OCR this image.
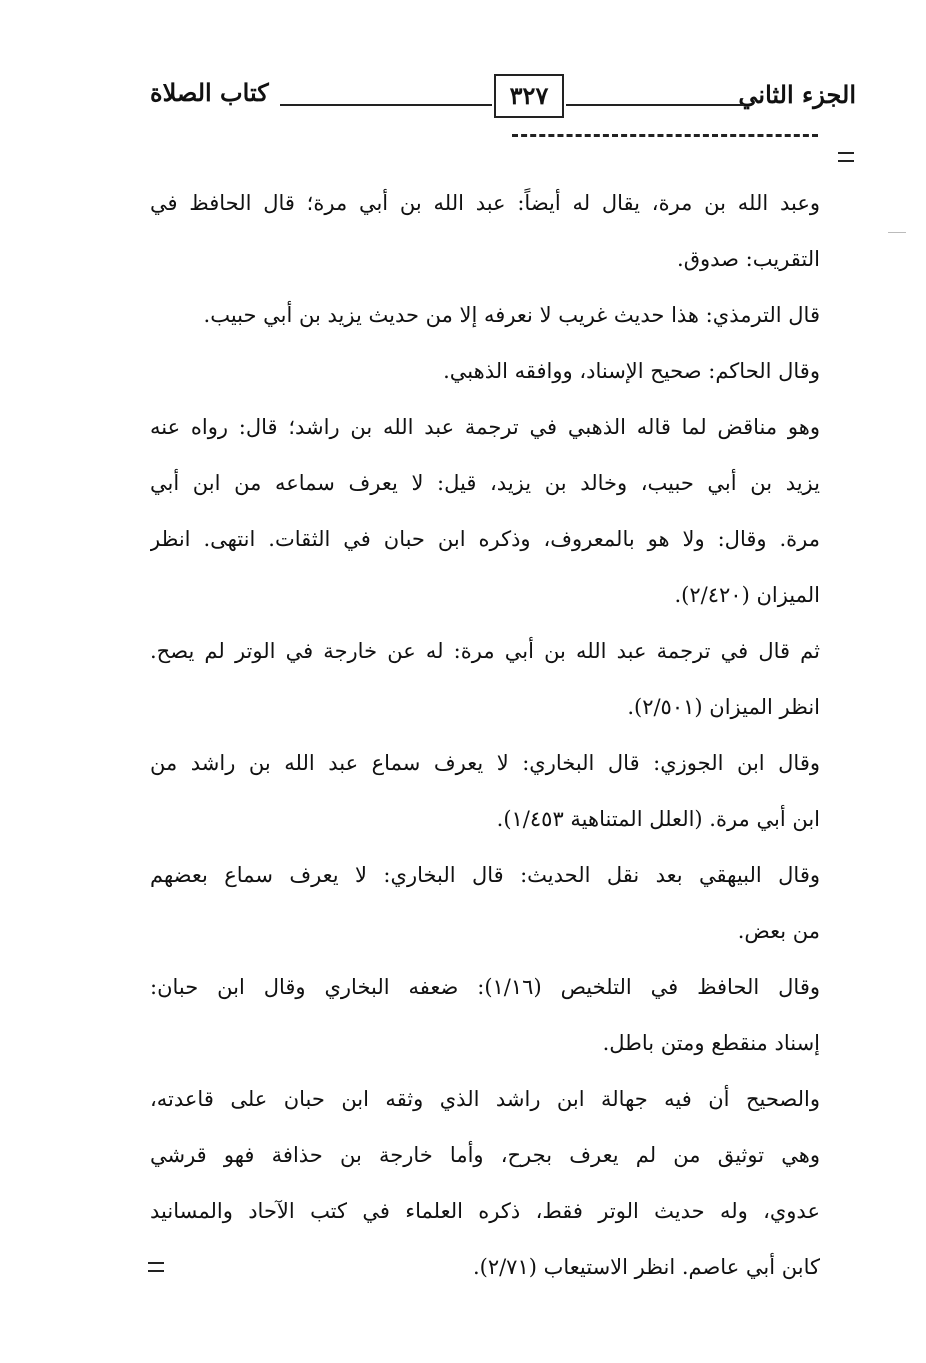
الجزء الثاني
٣٢٧
كتاب الصلاة
وعبد الله بن مرة، يقال له أيضاً: عبد الله بن أبي مرة؛ قال الحافظ في
التقريب: صدوق.
قال الترمذي: هذا حديث غريب لا نعرفه إلا من حديث يزيد بن أبي حبيب.
وقال الحاكم: صحيح الإسناد، ووافقه الذهبي.
وهو مناقض لما قاله الذهبي في ترجمة عبد الله بن راشد؛ قال: رواه عنه
يزيد بن أبي حبيب، وخالد بن يزيد، قيل: لا يعرف سماعه من ابن أبي
مرة. وقال: ولا هو بالمعروف، وذكره ابن حبان في الثقات. انتهى. انظر
الميزان (٢/٤٢٠).
ثم قال في ترجمة عبد الله بن أبي مرة: له عن خارجة في الوتر لم يصح.
انظر الميزان (٢/٥٠١).
وقال ابن الجوزي: قال البخاري: لا يعرف سماع عبد الله بن راشد من
ابن أبي مرة. (العلل المتناهية ١/٤٥٣).
وقال البيهقي بعد نقل الحديث: قال البخاري: لا يعرف سماع بعضهم
من بعض.
وقال الحافظ في التلخيص (١/١٦): ضعفه البخاري وقال ابن حبان:
إسناد منقطع ومتن باطل.
والصحيح أن فيه جهالة ابن راشد الذي وثقه ابن حبان على قاعدته،
وهي توثيق من لم يعرف بجرح، وأما خارجة بن حذافة فهو قرشي
عدوي، وله حديث الوتر فقط، ذكره العلماء في كتب الآحاد والمسانيد
كابن أبي عاصم. انظر الاستيعاب (٢/٧١).
